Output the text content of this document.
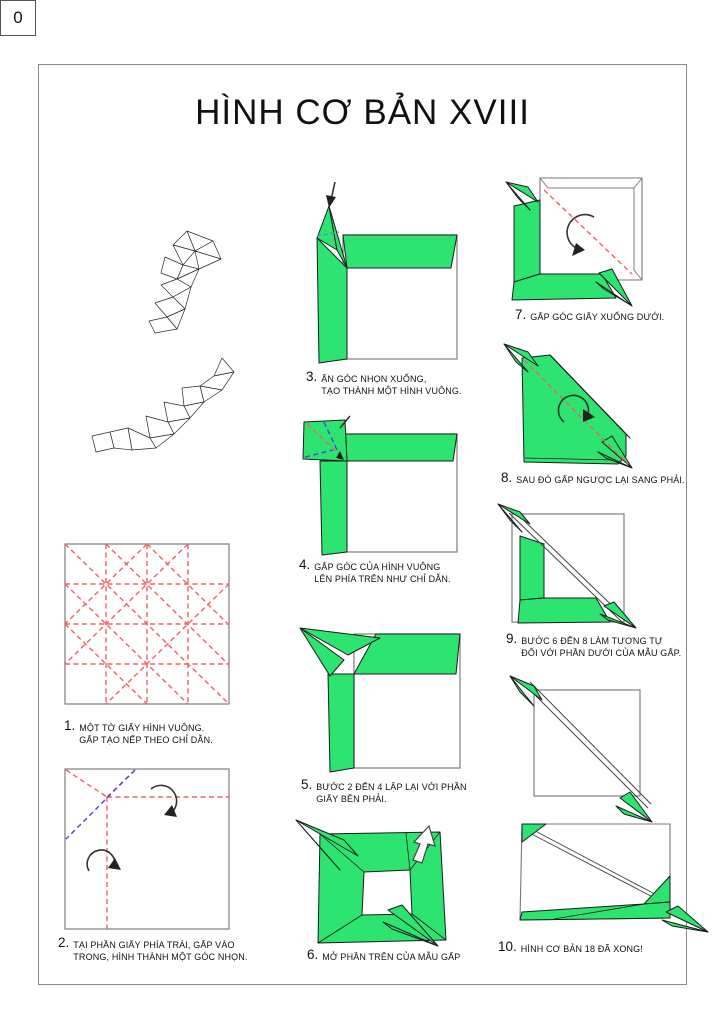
HÌNH CƠ BẢN XVIII
0
1. MỘT TỜ GIẤY HÌNH VUÔNG.
GẤP TẠO NẾP THEO CHỈ DẪN.
2. TẠI PHẦN GIẤY PHÍA TRÁI, GẤP VÀO
TRONG, HÌNH THÀNH MỘT GÓC NHỌN.
3. ẤN GÓC NHỌN XUỐNG,
TẠO THÀNH MỘT HÌNH VUÔNG.
4. GẤP GÓC CỦA HÌNH VUÔNG
LÊN PHÍA TRÊN NHƯ CHỈ DẪN.
5. BƯỚC 2 ĐẾN 4 LẶP LẠI VỚI PHẦN
GIẤY BÊN PHẢI.
6. MỞ PHẦN TRÊN CỦA MẪU GẤP
7. GẤP GÓC GIẤY XUỐNG DƯỚI.
8. SAU ĐÓ GẤP NGƯỢC LẠI SANG PHẢI.
9. BƯỚC 6 ĐẾN 8 LÀM TƯƠNG TỰ
ĐỐI VỚI PHẦN DƯỚI CỦA MẪU GẤP.
10. HÌNH CƠ BẢN 18 ĐÃ XONG!
